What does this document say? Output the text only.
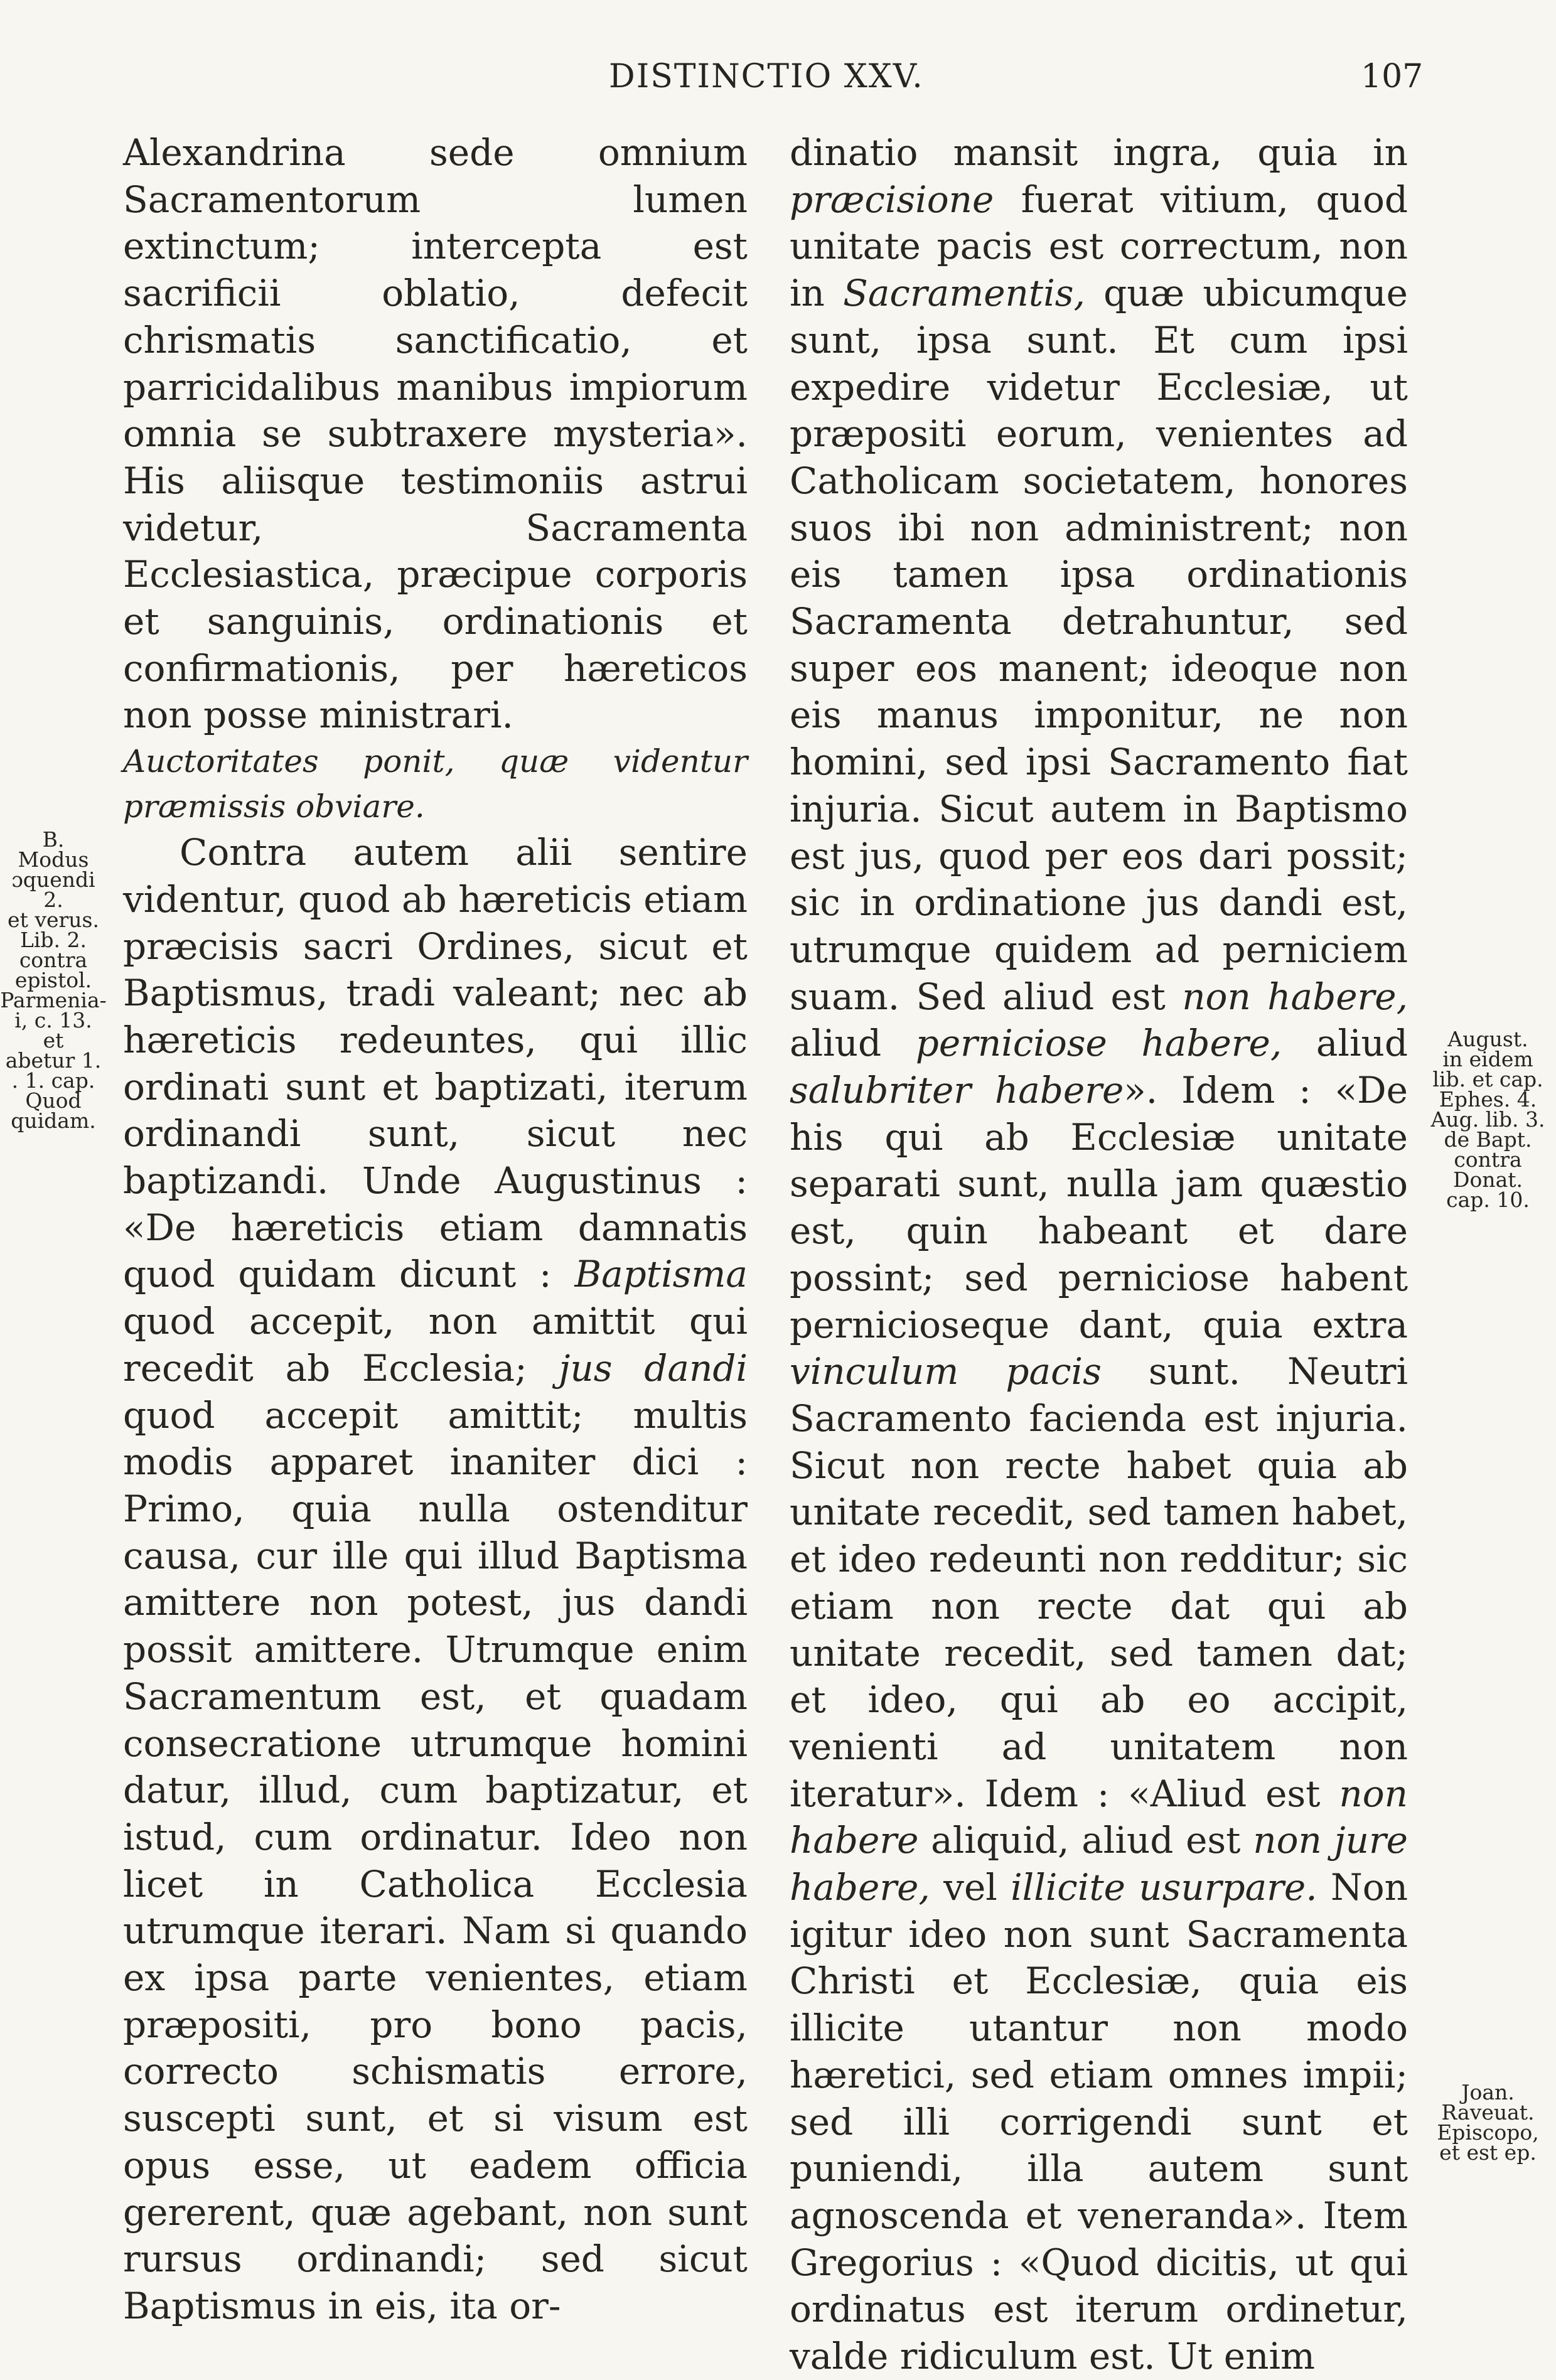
DISTINCTIO XXV.	107

Alexandrina sede omnium Sacramentorum lumen extinctum; intercepta est sacrificii oblatio, defecit chrismatis sanctificatio, et parricidalibus manibus impiorum omnia se subtraxere mysteria». His aliisque testimoniis astrui videtur, Sacramenta Ecclesiastica, præcipue corporis et sanguinis, ordinationis et confirmationis, per hæreticos non posse ministrari.

Auctoritates ponit, quæ videntur præmissis obviare.

Contra autem alii sentire videntur, quod ab hæreticis etiam præcisis sacri Ordines, sicut et Baptismus, tradi valeant; nec ab hæreticis redeuntes, qui illic ordinati sunt et baptizati, iterum ordinandi sunt, sicut nec baptizandi. Unde Augustinus : «De hæreticis etiam damnatis quod quidam dicunt : Baptisma quod accepit, non amittit qui recedit ab Ecclesia; jus dandi quod accepit amittit; multis modis apparet inaniter dici : Primo, quia nulla ostenditur causa, cur ille qui illud Baptisma amittere non potest, jus dandi possit amittere. Utrumque enim Sacramentum est, et quadam consecratione utrumque homini datur, illud, cum baptizatur, et istud, cum ordinatur. Ideo non licet in Catholica Ecclesia utrumque iterari. Nam si quando ex ipsa parte venientes, etiam præpositi, pro bono pacis, correcto schismatis errore, suscepti sunt, et si visum est opus esse, ut eadem officia gererent, quæ agebant, non sunt rursus ordinandi; sed sicut Baptismus in eis, ita or-

dinatio mansit ingra, quia in præcisione fuerat vitium, quod unitate pacis est correctum, non in Sacramentis, quæ ubicumque sunt, ipsa sunt. Et cum ipsi expedire videtur Ecclesiæ, ut præpositi eorum, venientes ad Catholicam societatem, honores suos ibi non administrent; non eis tamen ipsa ordinationis Sacramenta detrahuntur, sed super eos manent; ideoque non eis manus imponitur, ne non homini, sed ipsi Sacramento fiat injuria. Sicut autem in Baptismo est jus, quod per eos dari possit; sic in ordinatione jus dandi est, utrumque quidem ad perniciem suam. Sed aliud est non habere, aliud perniciose habere, aliud salubriter habere». Idem : «De his qui ab Ecclesiæ unitate separati sunt, nulla jam quæstio est, quin habeant et dare possint; sed perniciose habent pernicioseque dant, quia extra vinculum pacis sunt. Neutri Sacramento facienda est injuria. Sicut non recte habet quia ab unitate recedit, sed tamen habet, et ideo redeunti non redditur; sic etiam non recte dat qui ab unitate recedit, sed tamen dat; et ideo, qui ab eo accipit, venienti ad unitatem non iteratur». Idem : «Aliud est non habere aliquid, aliud est non jure habere, vel illicite usurpare. Non igitur ideo non sunt Sacramenta Christi et Ecclesiæ, quia eis illicite utantur non modo hæretici, sed etiam omnes impii; sed illi corrigendi sunt et puniendi, illa autem sunt agnoscenda et veneranda». Item Gregorius : «Quod dicitis, ut qui ordinatus est iterum ordinetur, valde ridiculum est. Ut enim

B.
Modus
ɔquendi 2.
et verus.
Lib. 2.
contra
epistol.
Parmenia-
i, c. 13.
et
abetur 1.
. 1. cap.
Quod
quidam.
August.
in eidem
lib. et cap.
Ephes. 4.
Aug. lib. 3.
de Bapt.
contra
Donat.
cap. 10.
Joan.
Raveuat.
Episcopo,
et est ep.
